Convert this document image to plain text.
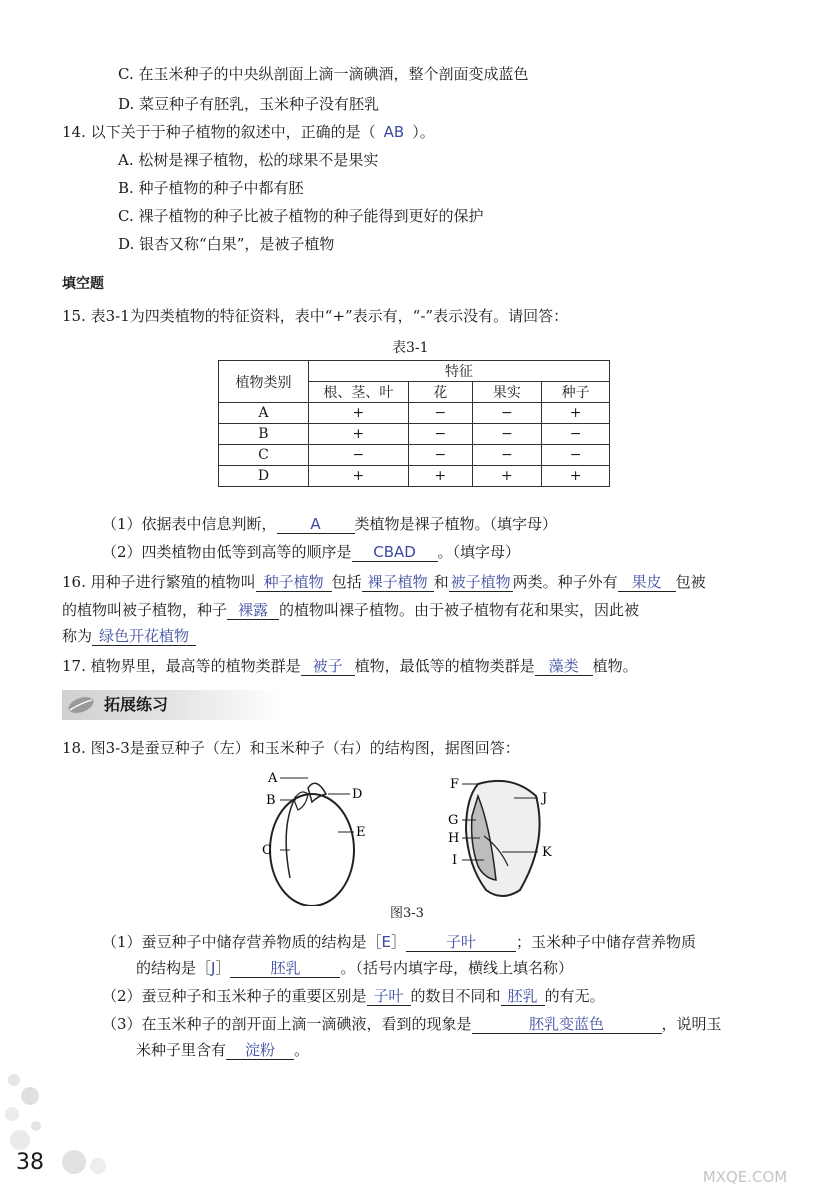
C. 在玉米种子的中央纵剖面上滴一滴碘酒，整个剖面变成蓝色
D. 菜豆种子有胚乳，玉米种子没有胚乳
14. 以下关于于种子植物的叙述中，正确的是（ AB ）。
A. 松树是裸子植物，松的球果不是果实
B. 种子植物的种子中都有胚
C. 裸子植物的种子比被子植物的种子能得到更好的保护
D. 银杏又称“白果”，是被子植物
填空题
15. 表3-1为四类植物的特征资料，表中“+”表示有，“-”表示没有。请回答：
表3-1
植物类别	特征			
	根、茎、叶	花	果实	种子
A	+	−	−	+
B	+	−	−	−
C	−	−	−	−
D	+	+	+	+
（1）依据表中信息判断， A 类植物是裸子植物。（填字母）
（2）四类植物由低等到高等的顺序是 CBAD 。（填字母）
16. 用种子进行繁殖的植物叫 种子植物 包括 裸子植物 和 被子植物 两类。种子外有 果皮 包被
的植物叫被子植物，种子 裸露 的植物叫裸子植物。由于被子植物有花和果实，因此被
称为 绿色开花植物
17. 植物界里，最高等的植物类群是 被子 植物，最低等的植物类群是 藻类 植物。
拓展练习
18. 图3-3是蚕豆种子（左）和玉米种子（右）的结构图，据图回答：
A
B
C
D
E
F
G
H
I
J
K
图3-3
（1）蚕豆种子中储存营养物质的结构是［E］	子叶	；玉米种子中储存营养物质
的结构是［J］	胚乳	。（括号内填字母，横线上填名称）
（2）蚕豆种子和玉米种子的重要区别是 子叶 的数目不同和 胚乳 的有无。
（3）在玉米种子的剖开面上滴一滴碘液，看到的现象是	胚乳变蓝色	，说明玉
米种子里含有 淀粉 。
38
MXQE.COM
